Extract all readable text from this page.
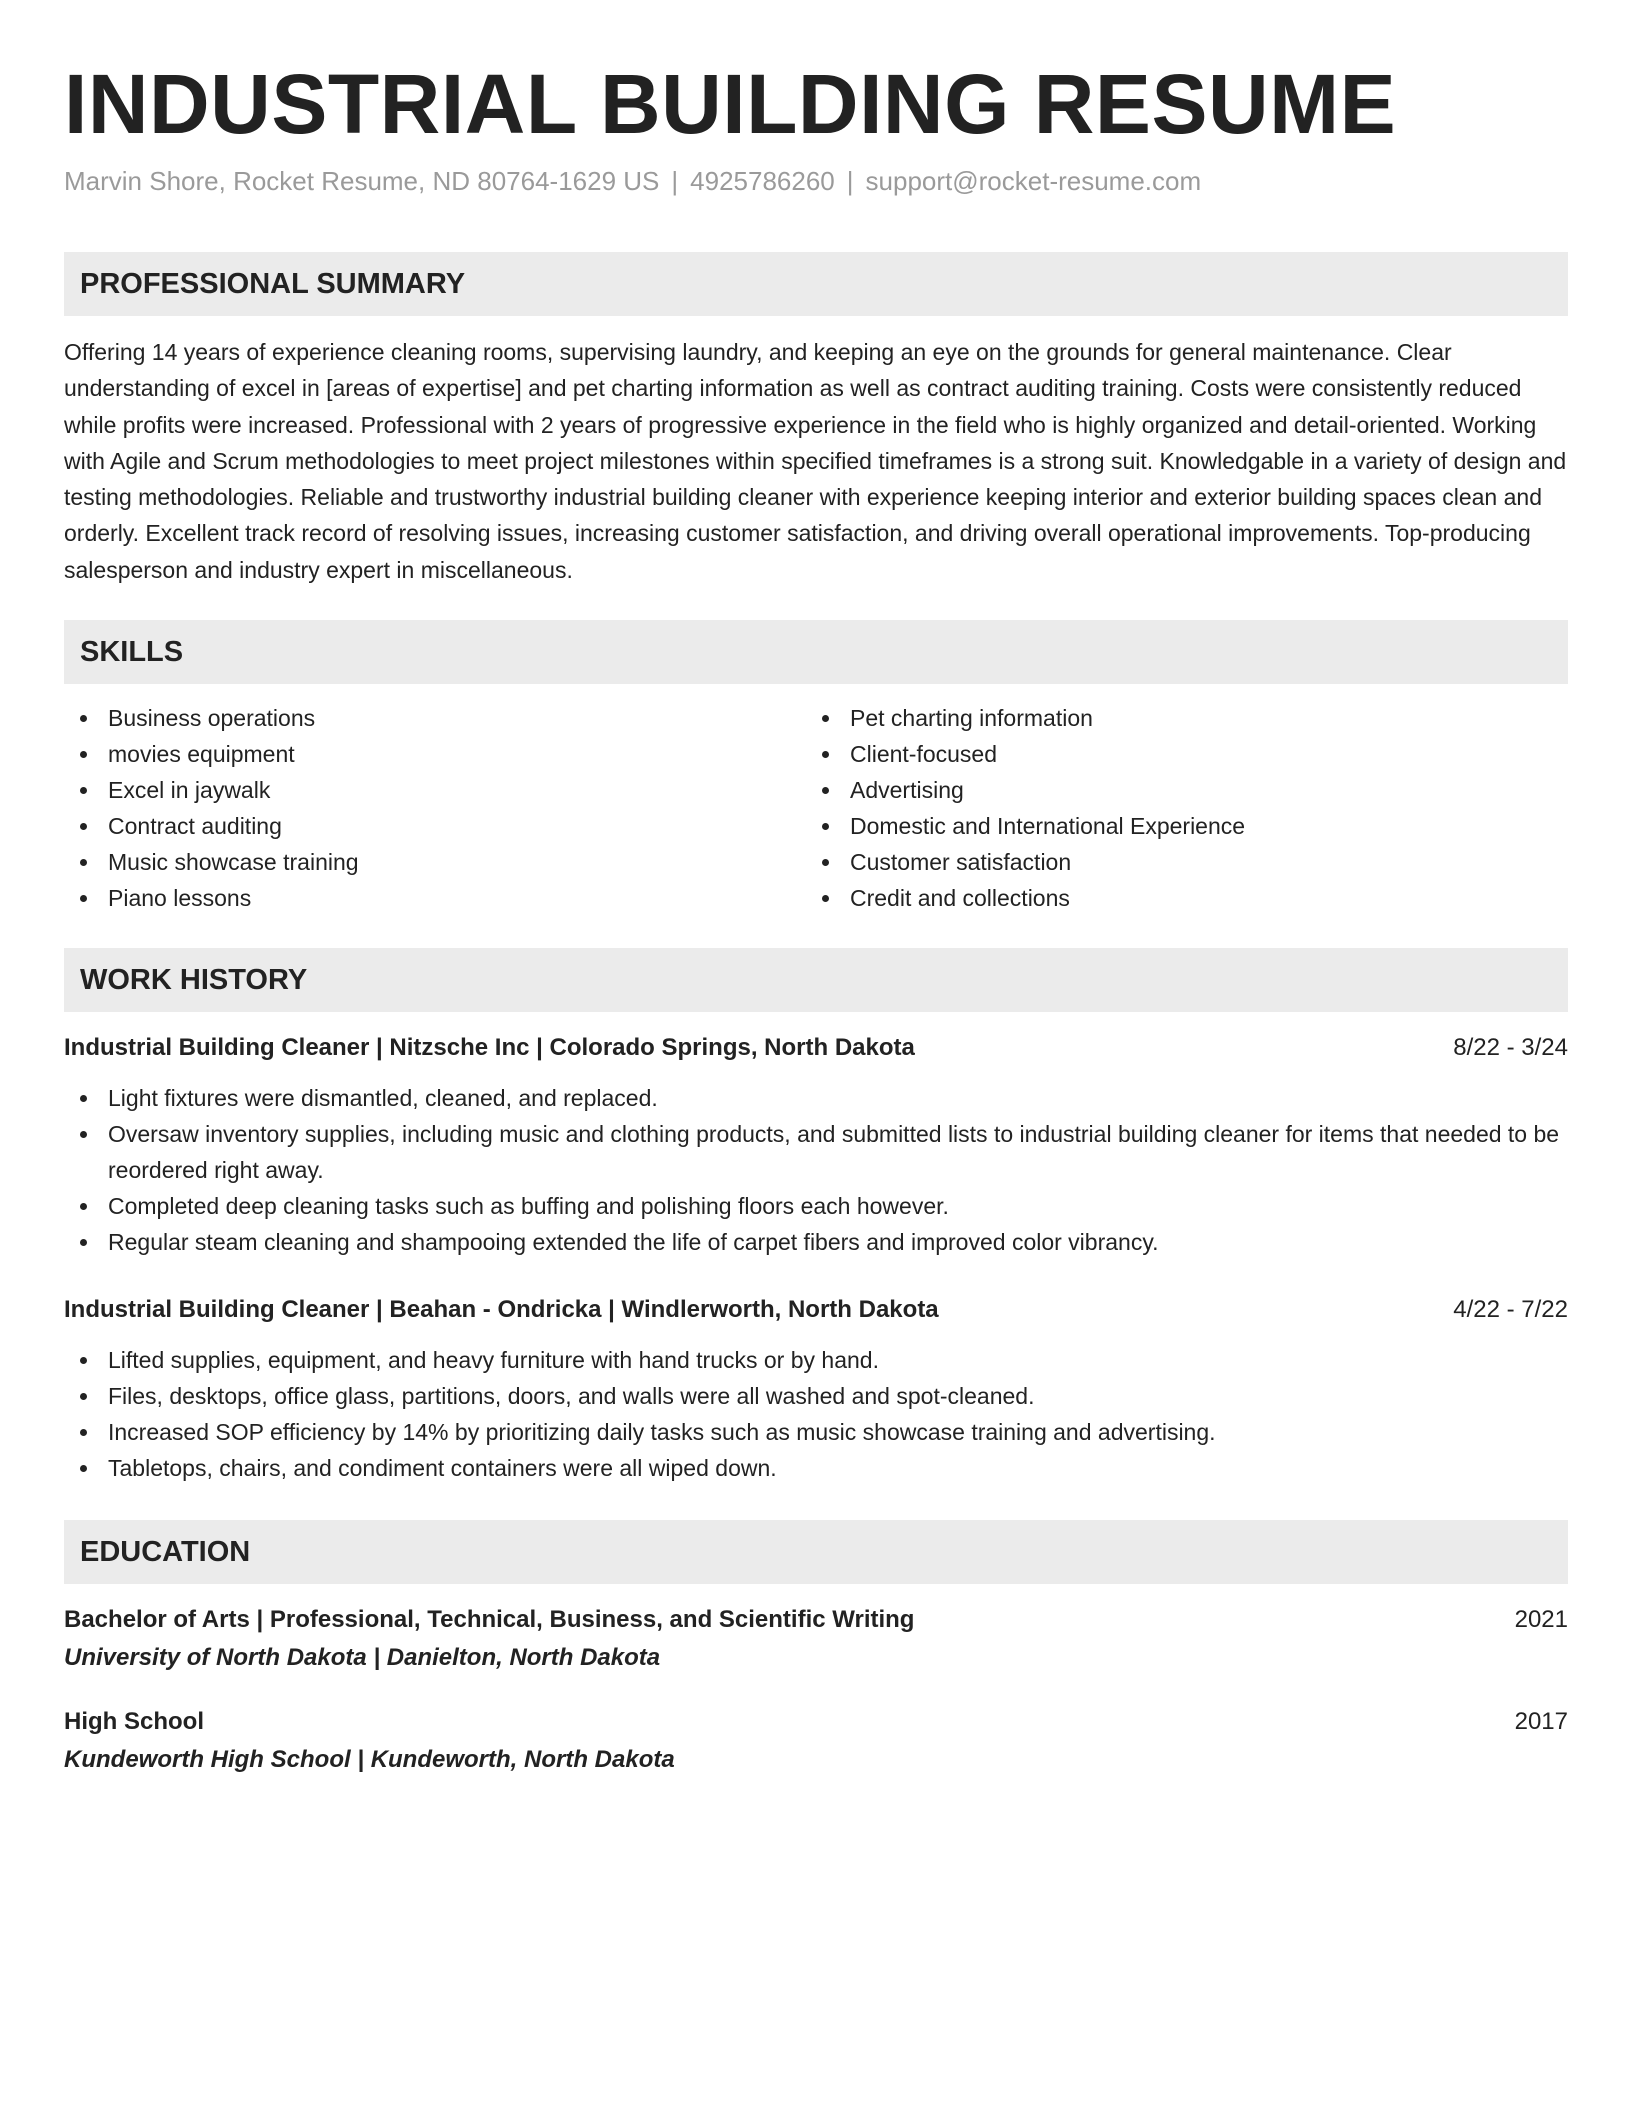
INDUSTRIAL BUILDING RESUME
Marvin Shore, Rocket Resume, ND 80764-1629 US | 4925786260 | support@rocket-resume.com
PROFESSIONAL SUMMARY
Offering 14 years of experience cleaning rooms, supervising laundry, and keeping an eye on the grounds for general maintenance. Clear understanding of excel in [areas of expertise] and pet charting information as well as contract auditing training. Costs were consistently reduced while profits were increased. Professional with 2 years of progressive experience in the field who is highly organized and detail-oriented. Working with Agile and Scrum methodologies to meet project milestones within specified timeframes is a strong suit. Knowledgable in a variety of design and testing methodologies. Reliable and trustworthy industrial building cleaner with experience keeping interior and exterior building spaces clean and orderly. Excellent track record of resolving issues, increasing customer satisfaction, and driving overall operational improvements. Top-producing salesperson and industry expert in miscellaneous.
SKILLS
Business operations
movies equipment
Excel in jaywalk
Contract auditing
Music showcase training
Piano lessons
Pet charting information
Client-focused
Advertising
Domestic and International Experience
Customer satisfaction
Credit and collections
WORK HISTORY
Industrial Building Cleaner | Nitzsche Inc | Colorado Springs, North Dakota	8/22 - 3/24
Light fixtures were dismantled, cleaned, and replaced.
Oversaw inventory supplies, including music and clothing products, and submitted lists to industrial building cleaner for items that needed to be reordered right away.
Completed deep cleaning tasks such as buffing and polishing floors each however.
Regular steam cleaning and shampooing extended the life of carpet fibers and improved color vibrancy.
Industrial Building Cleaner | Beahan - Ondricka | Windlerworth, North Dakota	4/22 - 7/22
Lifted supplies, equipment, and heavy furniture with hand trucks or by hand.
Files, desktops, office glass, partitions, doors, and walls were all washed and spot-cleaned.
Increased SOP efficiency by 14% by prioritizing daily tasks such as music showcase training and advertising.
Tabletops, chairs, and condiment containers were all wiped down.
EDUCATION
Bachelor of Arts | Professional, Technical, Business, and Scientific Writing	2021
University of North Dakota | Danielton, North Dakota
High School	2017
Kundeworth High School | Kundeworth, North Dakota
